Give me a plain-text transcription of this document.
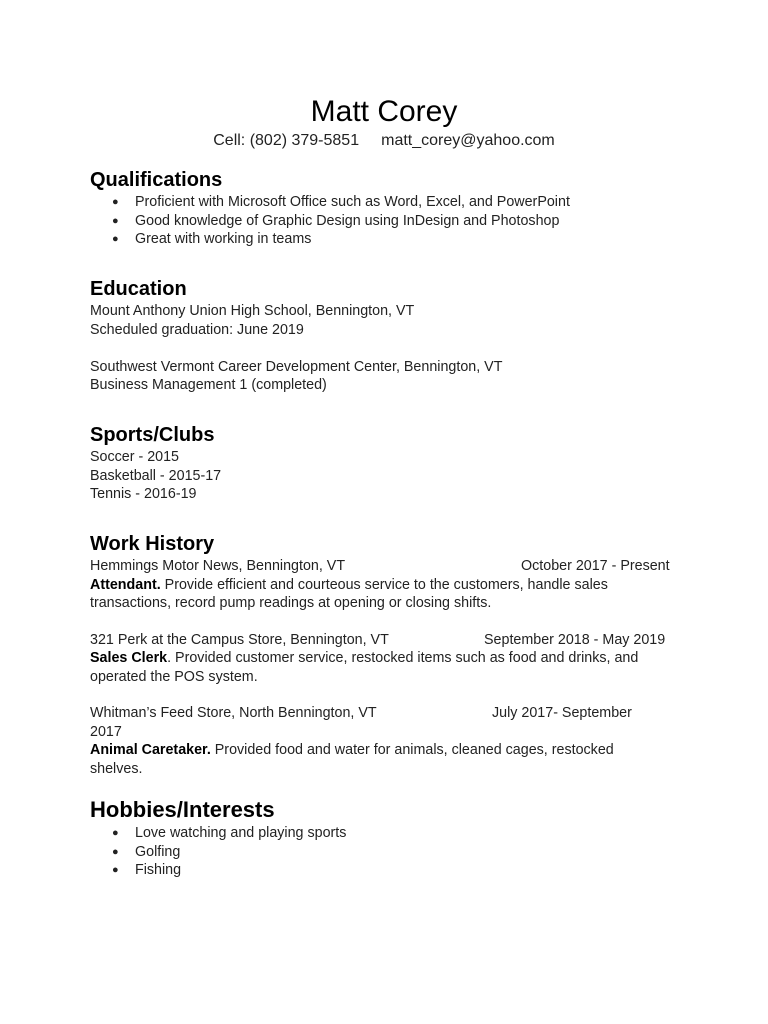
Matt Corey
Cell: (802) 379-5851 matt_corey@yahoo.com
Qualifications
● Proficient with Microsoft Office such as Word, Excel, and PowerPoint
● Good knowledge of Graphic Design using InDesign and Photoshop
● Great with working in teams
Education
Mount Anthony Union High School, Bennington, VT
Scheduled graduation: June 2019
Southwest Vermont Career Development Center, Bennington, VT
Business Management 1 (completed)
Sports/Clubs
Soccer - 2015
Basketball - 2015-17
Tennis - 2016-19
Work History
Hemmings Motor News, Bennington, VT	October 2017 - Present
Attendant. Provide efficient and courteous service to the customers, handle sales transactions, record pump readings at opening or closing shifts.
321 Perk at the Campus Store, Bennington, VT	September 2018 - May 2019
Sales Clerk. Provided customer service, restocked items such as food and drinks, and operated the POS system.
Whitman’s Feed Store, North Bennington, VT	July 2017- September
2017
Animal Caretaker. Provided food and water for animals, cleaned cages, restocked shelves.
Hobbies/Interests
● Love watching and playing sports
● Golfing
● Fishing
